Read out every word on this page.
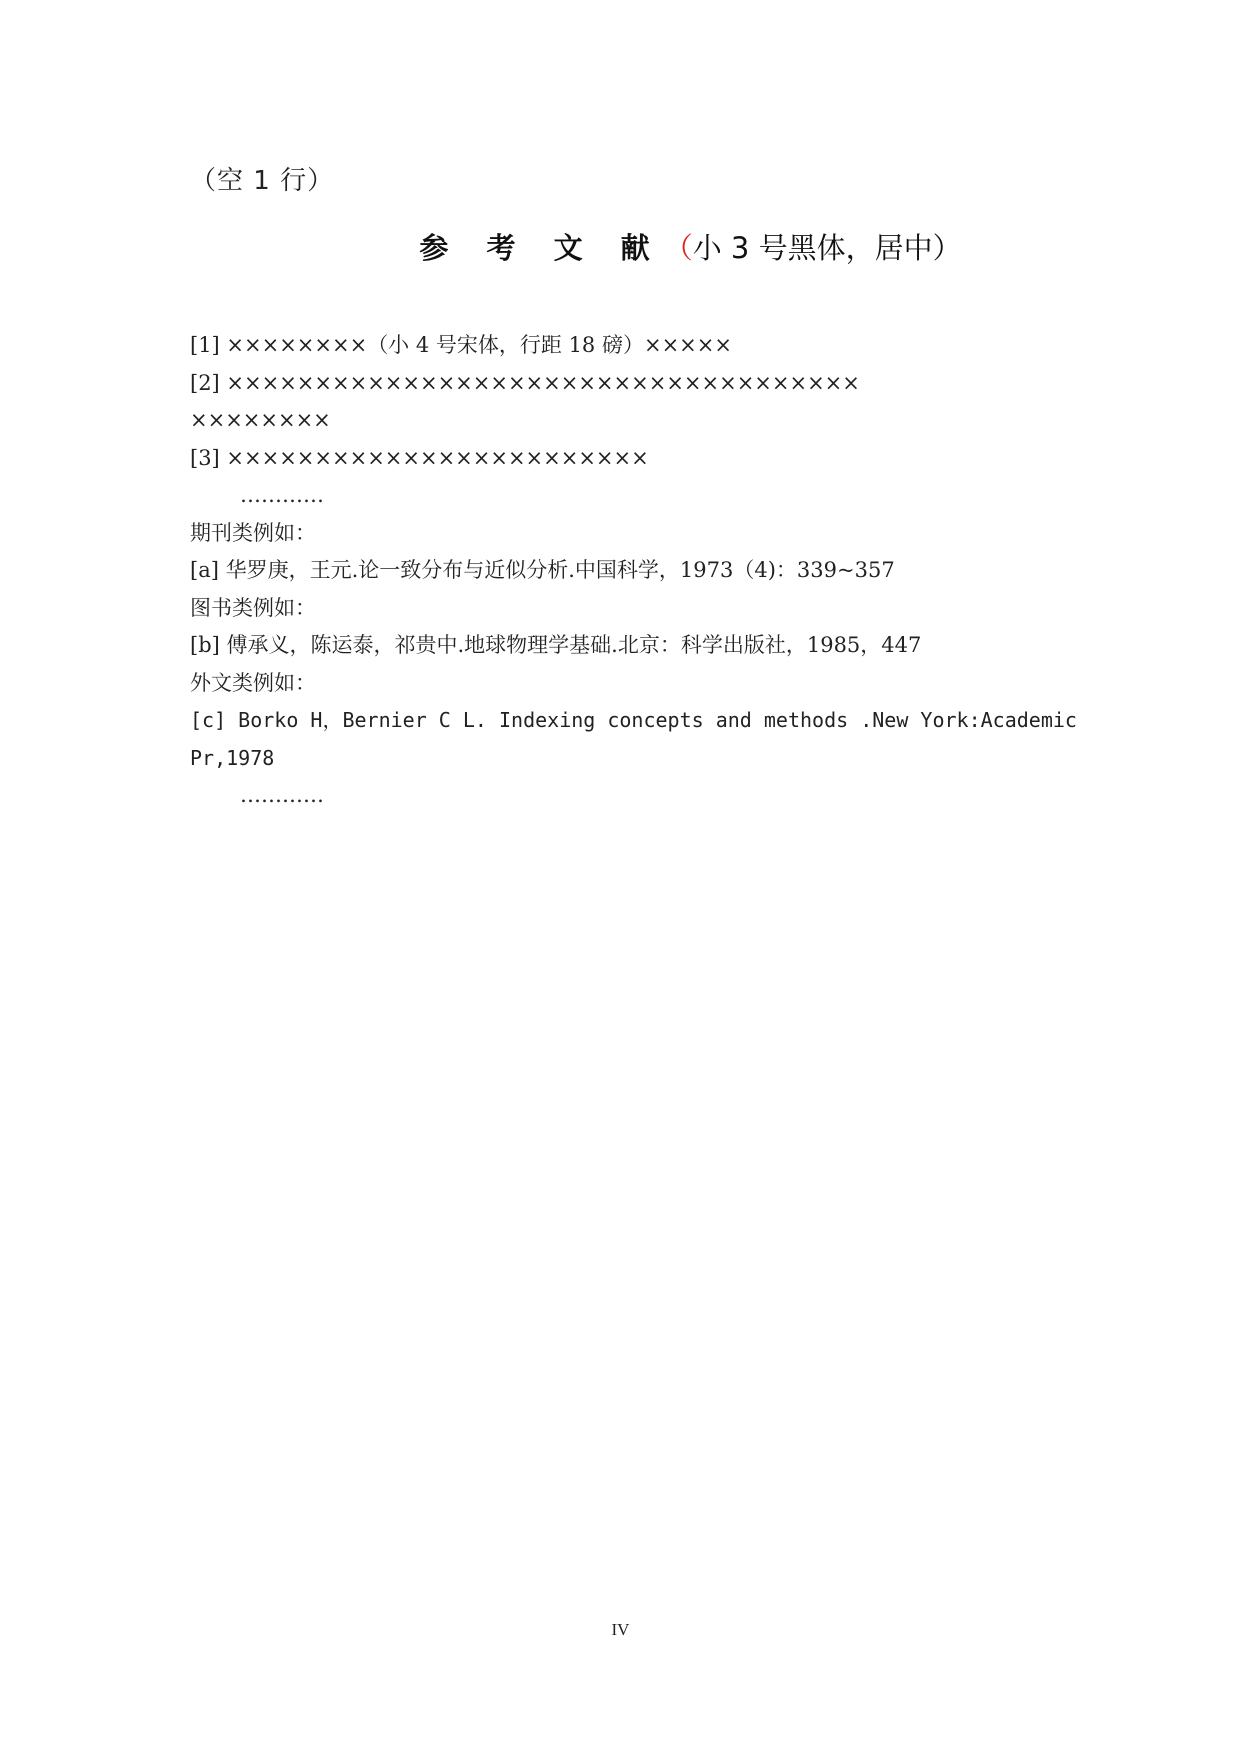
（空 1 行）
参 考 文 献（小 3 号黑体，居中）
[1] ××××××××（小 4 号宋体，行距 18 磅）×××××
[2] ××××××××××××××××××××××××××××××××××××
××××××××
[3] ××××××××××××××××××××××××
…………
期刊类例如：
[a] 华罗庚，王元.论一致分布与近似分析.中国科学，1973（4)：339~357
图书类例如：
[b] 傅承义，陈运泰，祁贵中.地球物理学基础.北京：科学出版社，1985，447
外文类例如：
[c] Borko H，Bernier C L. Indexing concepts and methods .New York:Academic
Pr,1978
…………
IV
